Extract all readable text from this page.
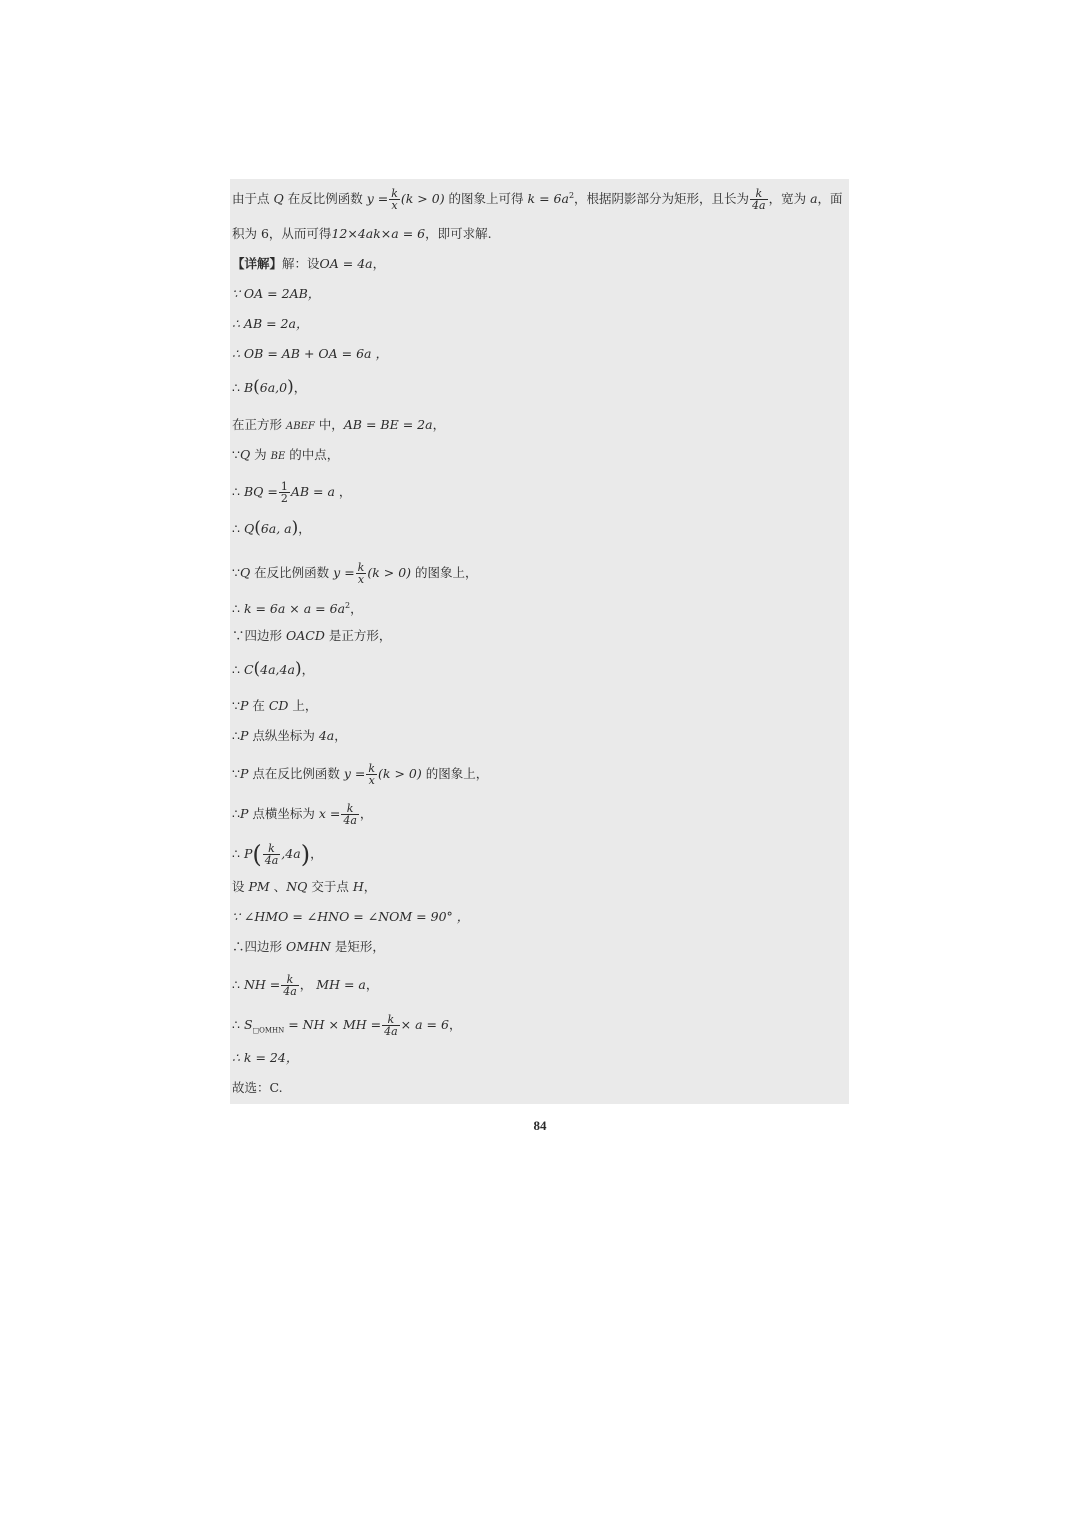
由于点 Q 在反比例函数 $y = \frac{k}{x} (k > 0)$ 的图象上可得 $k = 6a^2$，根据阴影部分为矩形，且长为 $\frac{k}{4a}$ ，宽为 a，面
积为 6，从而可得12×4ak×a = 6，即可求解.
【详解】解：设OA = 4a，
∵ OA = 2AB，
∴ AB = 2a，
∴ OB = AB + OA = 6a ，
∴ B(6a,0)，
在正方形 ABEF 中，AB = BE = 2a，
∵Q 为 BE 的中点，
∴ BQ = $\frac{1}{2}$ AB = a ，
∴ Q(6a, a)，
∵Q 在反比例函数 $y = \frac{k}{x} (k > 0)$ 的图象上，
∴ $k = 6a \times a = 6a^2$，
∵四边形 OACD 是正方形，
∴ C(4a,4a)，
∵P 在 CD 上，
∴P 点纵坐标为 4a，
∵P 点在反比例函数 $y = \frac{k}{x} (k > 0)$ 的图象上，
∴P 点横坐标为 $x = \frac{k}{4a}$ ，
∴ $P( \frac{k}{4a} ,4a)$，
设 PM 、NQ 交于点 H，
∵ ∠HMO = ∠HNO = ∠NOM = 90° ，
∴四边形 OMHN 是矩形，
∴ NH = $\frac{k}{4a}$ ， MH = a，
∴ $S_{□OMHN}$ = NH × MH = $\frac{k}{4a} \times a = 6$，
∴ k = 24，
故选：C.
84
